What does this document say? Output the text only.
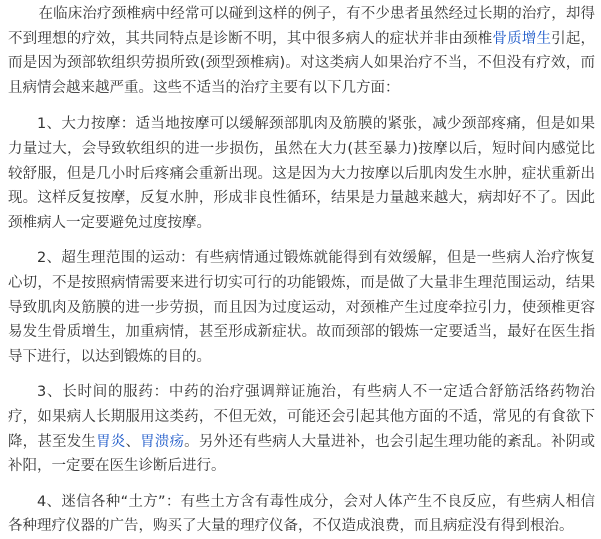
在临床治疗颈椎病中经常可以碰到这样的例子，有不少患者虽然经过长期的治疗，却得不到理想的疗效，其共同特点是诊断不明，其中很多病人的症状并非由颈椎骨质增生引起，而是因为颈部软组织劳损所致(颈型颈椎病)。对这类病人如果治疗不当，不但没有疗效，而且病情会越来越严重。这些不适当的治疗主要有以下几方面：

1、大力按摩：适当地按摩可以缓解颈部肌肉及筋膜的紧张，减少颈部疼痛，但是如果力量过大，会导致软组织的进一步损伤，虽然在大力(甚至暴力)按摩以后，短时间内感觉比较舒服，但是几小时后疼痛会重新出现。这是因为大力按摩以后肌肉发生水肿，症状重新出现。这样反复按摩，反复水肿，形成非良性循环，结果是力量越来越大，病却好不了。因此颈椎病人一定要避免过度按摩。

2、超生理范围的运动：有些病情通过锻炼就能得到有效缓解，但是一些病人治疗恢复心切，不是按照病情需要来进行切实可行的功能锻炼，而是做了大量非生理范围运动，结果导致肌肉及筋膜的进一步劳损，而且因为过度运动，对颈椎产生过度牵拉引力，使颈椎更容易发生骨质增生，加重病情，甚至形成新症状。故而颈部的锻炼一定要适当，最好在医生指导下进行，以达到锻炼的目的。

3、长时间的服药：中药的治疗强调辩证施治，有些病人不一定适合舒筋活络药物治疗，如果病人长期服用这类药，不但无效，可能还会引起其他方面的不适，常见的有食欲下降，甚至发生胃炎、胃溃疡。另外还有些病人大量进补，也会引起生理功能的紊乱。补阴或补阳，一定要在医生诊断后进行。

4、迷信各种“土方”：有些土方含有毒性成分，会对人体产生不良反应，有些病人相信各种理疗仪器的广告，购买了大量的理疗仪备，不仅造成浪费，而且病症没有得到根治。
